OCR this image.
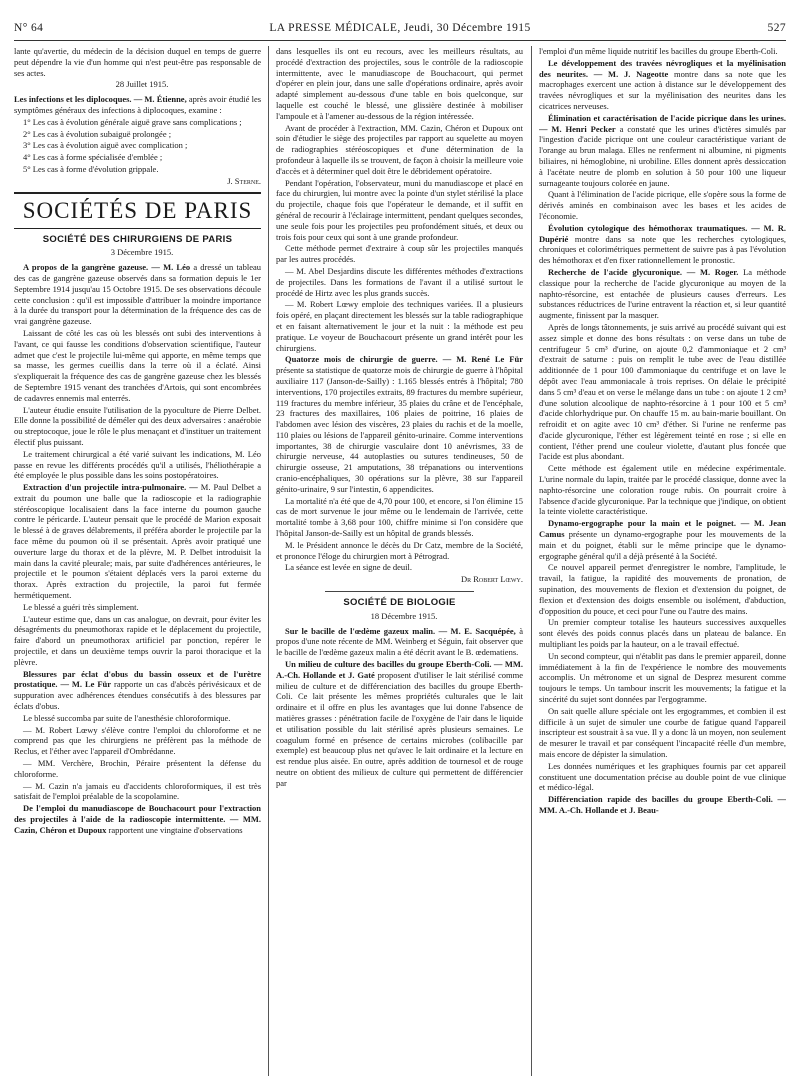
N° 64	LA PRESSE MÉDICALE, Jeudi, 30 Décembre 1915	527

lante qu'avertie, du médecin de la décision duquel en temps de guerre peut dépendre la vie d'un homme qui n'est peut-être pas responsable de ses actes.

28 Juillet 1915.

Les infections et les diplocoques. — M. Étienne, après avoir étudié les symptômes généraux des infections à diplocoques, examine :

1° Les cas à évolution générale aiguë grave sans complications ;

2° Les cas à évolution subaiguë prolongée ;

3° Les cas à évolution aiguë avec complication ;

4° Les cas à forme spécialisée d'emblée ;

5° Les cas à forme d'évolution grippale.

J. Sterne.

SOCIÉTÉS DE PARIS
SOCIÉTÉ DES CHIRURGIENS DE PARIS

3 Décembre 1915.

A propos de la gangrène gazeuse. — M. Léo a dressé un tableau des cas de gangrène gazeuse observés dans sa formation depuis le 1er Septembre 1914 jusqu'au 15 Octobre 1915. De ses observations découle cette conclusion : qu'il est impossible d'attribuer la moindre importance à la durée du transport pour la détermination de la fréquence des cas de vrai gangrène gazeuse.

Laissant de côté les cas où les blessés ont subi des interventions à l'avant, ce qui fausse les conditions d'observation scientifique, l'auteur admet que c'est le projectile lui-même qui apporte, en même temps que sa masse, les germes cueillis dans la terre où il a éclaté. Ainsi s'expliquerait la fréquence des cas de gangrène gazeuse chez les blessés de Septembre 1915 venant des tranchées d'Artois, qui sont encombrées de cadavres ennemis mal enterrés.

L'auteur étudie ensuite l'utilisation de la pyoculture de Pierre Delbet. Elle donne la possibilité de déméler qui des deux adversaires : anaérobie ou streptocoque, joue le rôle le plus menaçant et d'instituer un traitement électif plus puissant.

Le traitement chirurgical a été varié suivant les indications, M. Léo passe en revue les différents procédés qu'il a utilisés, l'héliothérapie a été employée le plus possible dans les soins postopératoires.

Extraction d'un projectile intra-pulmonaire. — M. Paul Delbet a extrait du poumon une balle que la radioscopie et la radiographie stéréoscopique localisaient dans la face interne du poumon gauche contre le péricarde. L'auteur pensait que le procédé de Marion exposait le blessé à de graves délabrements, il préféra aborder le projectile par la face même du poumon où il se présentait. Après avoir pratiqué une ouverture large du thorax et de la plèvre, M. P. Delbet introduisit la main dans la cavité pleurale; mais, par suite d'adhérences antérieures, le projectile et le poumon s'étaient déplacés vers la paroi externe du thorax. Après extraction du projectile, la paroi fut fermée hermétiquement.

Le blessé a guéri très simplement.

L'auteur estime que, dans un cas analogue, on devrait, pour éviter les désagréments du pneumothorax rapide et le déplacement du projectile, faire d'abord un pneumothorax artificiel par ponction, repérer le projectile, et dans un deuxième temps ouvrir la paroi thoracique et la plèvre.

Blessures par éclat d'obus du bassin osseux et de l'urètre prostatique. — M. Le Für rapporte un cas d'abcès périvésicaux et de suppuration avec adhérences étendues consécutifs à des blessures par éclats d'obus.

Le blessé succomba par suite de l'anesthésie chloroformique.

— M. Robert Lœwy s'élève contre l'emploi du chloroforme et ne comprend pas que les chirurgiens ne préfèrent pas la méthode de Reclus, et l'éther avec l'appareil d'Ombrédanne.

— MM. Verchère, Brochin, Péraire présentent la défense du chloroforme.

— M. Cazin n'a jamais eu d'accidents chloroformiques, il est très satisfait de l'emploi préalable de la scopolamine.

De l'emploi du manudiascope de Bouchacourt pour l'extraction des projectiles à l'aide de la radioscopie intermittente. — MM. Cazin, Chéron et Dupoux rapportent une vingtaine d'observations

dans lesquelles ils ont eu recours, avec les meilleurs résultats, au procédé d'extraction des projectiles, sous le contrôle de la radioscopie intermittente, avec le manudiascope de Bouchacourt, qui permet d'opérer en plein jour, dans une salle d'opérations ordinaire, après avoir adapté simplement au-dessous d'une table en bois quelconque, sur laquelle est couché le blessé, une glissière destinée à mobiliser l'ampoule et à l'amener au-dessous de la région intéressée.

Avant de procéder à l'extraction, MM. Cazin, Chéron et Dupoux ont soin d'étudier le siège des projectiles par rapport au squelette au moyen de radiographies stéréoscopiques et d'une détermination de la profondeur à laquelle ils se trouvent, de façon à choisir la meilleure voie d'accès et à déterminer quel doit être le débridement opératoire.

Pendant l'opération, l'observateur, muni du manudiascope et placé en face du chirurgien, lui montre avec la pointe d'un stylet stérilisé la place du projectile, chaque fois que l'opérateur le demande, et il suffit en général de recourir à l'éclairage intermittent, pendant quelques secondes, une seule fois pour les projectiles peu profondément situés, et deux ou trois fois pour ceux qui sont à une grande profondeur.

Cette méthode permet d'extraire à coup sûr les projectiles manqués par les autres procédés.

— M. Abel Desjardins discute les différentes méthodes d'extractions de projectiles. Dans les formations de l'avant il a utilisé surtout le procédé de Hirtz avec les plus grands succès.

— M. Robert Lœwy emploie des techniques variées. Il a plusieurs fois opéré, en plaçant directement les blessés sur la table radiographique et en faisant alternativement le jour et la nuit : la méthode est peu pratique. Le voyeur de Bouchacourt présente un grand intérêt pour les chirurgiens.

Quatorze mois de chirurgie de guerre. — M. René Le Für présente sa statistique de quatorze mois de chirurgie de guerre à l'hôpital auxiliaire 117 (Janson-de-Sailly) : 1.165 blessés entrés à l'hôpital; 780 interventions, 170 projectiles extraits, 89 fractures du membre supérieur, 119 fractures du membre inférieur, 35 plaies du crâne et de l'encéphale, 23 fractures des maxillaires, 106 plaies de poitrine, 16 plaies de l'abdomen avec lésion des viscères, 23 plaies du rachis et de la moelle, 110 plaies ou lésions de l'appareil génito-urinaire. Comme interventions importantes, 38 de chirurgie vasculaire dont 10 anévrismes, 33 de chirurgie nerveuse, 44 autoplasties ou sutures tendineuses, 50 de chirurgie osseuse, 21 amputations, 38 trépanations ou interventions cranio-encéphaliques, 30 opérations sur la plèvre, 38 sur l'appareil génito-urinaire, 9 sur l'intestin, 6 appendicites.

La mortalité n'a été que de 4,70 pour 100, et encore, si l'on élimine 15 cas de mort survenue le jour même ou le lendemain de l'arrivée, cette mortalité tombe à 3,68 pour 100, chiffre minime si l'on considère que l'hôpital Janson-de-Sailly est un hôpital de grands blessés.

M. le Président annonce le décès du Dr Catz, membre de la Société, et prononce l'éloge du chirurgien mort à Pétrograd.

La séance est levée en signe de deuil.

Dr Robert Lœwy.

SOCIÉTÉ DE BIOLOGIE

18 Décembre 1915.

Sur le bacille de l'œdème gazeux malin. — M. E. Sacquépée, à propos d'une note récente de MM. Weinberg et Séguin, fait observer que le bacille de l'œdème gazeux malin a été décrit avant le B. œdematiens.

Un milieu de culture des bacilles du groupe Eberth-Coli. — MM. A.-Ch. Hollande et J. Gaté proposent d'utiliser le lait stérilisé comme milieu de culture et de différenciation des bacilles du groupe Eberth-Coli. Ce lait présente les mêmes propriétés culturales que le lait ordinaire et il offre en plus les avantages que lui donne l'absence de matières grasses : pénétration facile de l'oxygène de l'air dans le liquide et utilisation possible du lait stérilisé après plusieurs semaines. Le coagulum formé en présence de certains microbes (colibacille par exemple) est beaucoup plus net qu'avec le lait ordinaire et la lecture en est rendue plus aisée. En outre, après addition de tournesol et de rouge neutre on obtient des milieux de culture qui permettent de différencier par

l'emploi d'un même liquide nutritif les bacilles du groupe Eberth-Coli.

Le développement des travées névrogliques et la myélinisation des neurites. — M. J. Nageotte montre dans sa note que les macrophages exercent une action à distance sur le développement des travées névrogliques et sur la myélinisation des neurites dans les cicatrices nerveuses.

Élimination et caractérisation de l'acide picrique dans les urines. — M. Henri Pecker a constaté que les urines d'ictères simulés par l'ingestion d'acide picrique ont une couleur caractéristique variant de l'orange au brun malaga. Elles ne renferment ni albumine, ni pigments biliaires, ni hémoglobine, ni urobiline. Elles donnent après dessiccation à l'acétate neutre de plomb en solution à 50 pour 100 une liqueur surnageante toujours colorée en jaune.

Quant à l'élimination de l'acide picrique, elle s'opère sous la forme de dérivés aminés en combinaison avec les bases et les acides de l'économie.

Évolution cytologique des hémothorax traumatiques. — M. R. Dupérié montre dans sa note que les recherches cytologiques, chroniques et colorimétriques permettent de suivre pas à pas l'évolution des hémothorax et d'en fixer rationnellement le pronostic.

Recherche de l'acide glycuronique. — M. Roger. La méthode classique pour la recherche de l'acide glycuronique au moyen de la naphto-résorcine, est entachée de plusieurs causes d'erreurs. Les substances réductrices de l'urine entravent la réaction et, si leur quantité augmente, finissent par la masquer.

Après de longs tâtonnements, je suis arrivé au procédé suivant qui est assez simple et donne des bons résultats : on verse dans un tube de centrifugeur 5 cm³ d'urine, on ajoute 0,2 d'ammoniaque et 2 cm³ d'extrait de saturne : puis on remplit le tube avec de l'eau distillée additionnée de 1 pour 100 d'ammoniaque du centrifuge et on lave le dépôt avec l'eau ammoniacale à trois reprises. On délaie le précipité dans 5 cm³ d'eau et on verse le mélange dans un tube : on ajoute 1 2 cm³ d'une solution alcoolique de naphto-résorcine à 1 pour 100 et 5 cm³ d'acide chlorhydrique pur. On chauffe 15 m. au bain-marie bouillant. On refroidit et on agite avec 10 cm³ d'éther. Si l'urine ne renferme pas d'acide glycuronique, l'éther est légèrement teinté en rose ; si elle en contient, l'éther prend une couleur violette, d'autant plus foncée que l'acide est plus abondant.

Cette méthode est également utile en médecine expérimentale. L'urine normale du lapin, traitée par le procédé classique, donne avec la naphto-résorcine une coloration rouge rubis. On pourrait croire à l'absence d'acide glycuronique. Par la technique que j'indique, on obtient la teinte violette caractéristique.

Dynamo-ergographe pour la main et le poignet. — M. Jean Camus présente un dynamo-ergographe pour les mouvements de la main et du poignet, établi sur le même principe que le dynamo-ergographe général qu'il a déjà présenté à la Société.

Ce nouvel appareil permet d'enregistrer le nombre, l'amplitude, le travail, la fatigue, la rapidité des mouvements de pronation, de supination, des mouvements de flexion et d'extension du poignet, de flexion et d'extension des doigts ensemble ou isolément, d'abduction, d'opposition du pouce, et ceci pour l'une ou l'autre des mains.

Un premier compteur totalise les hauteurs successives auxquelles sont élevés des poids connus placés dans un plateau de balance. En multipliant les poids par la hauteur, on a le travail effectué.

Un second compteur, qui n'établit pas dans le premier appareil, donne immédiatement à la fin de l'expérience le nombre des mouvements accomplis. Un métronome et un signal de Desprez mesurent comme toujours le temps. Un tambour inscrit les mouvements; la fatigue et la sincérité du sujet sont données par l'ergogramme.

On sait quelle allure spéciale ont les ergogrammes, et combien il est difficile à un sujet de simuler une courbe de fatigue quand l'appareil inscripteur est soustrait à sa vue. Il y a donc là un moyen, non seulement de mesurer le travail et par conséquent l'incapacité réelle d'un membre, mais encore de dépister la simulation.

Les données numériques et les graphiques fournis par cet appareil constituent une documentation précise au double point de vue clinique et médico-légal.

Différenciation rapide des bacilles du groupe Eberth-Coli. — MM. A.-Ch. Hollande et J. Beau-
